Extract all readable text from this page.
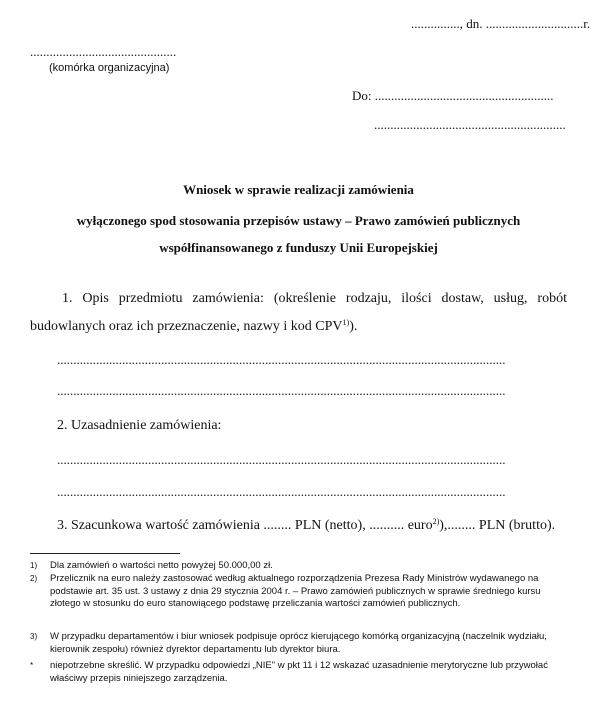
..............., dn. ..............................r.
.............................................
(komórka organizacyjna)
Do: .......................................................
...........................................................
Wniosek w sprawie realizacji zamówienia
wyłączonego spod stosowania przepisów ustawy – Prawo zamówień publicznych
współfinansowanego z funduszy Unii Europejskiej
1. Opis przedmiotu zamówienia: (określenie rodzaju, ilości dostaw, usług, robót
budowlanych oraz ich przeznaczenie, nazwy i kod CPV$^{1)}$).
..........................................................................................................................................
..........................................................................................................................................
2. Uzasadnienie zamówienia:
..........................................................................................................................................
..........................................................................................................................................
3. Szacunkowa wartość zamówienia ........ PLN (netto), .......... euro$^{2)}$),........ PLN (brutto).
1) Dla zamówień o wartości netto powyżej 50.000,00 zł.
2) Przelicznik na euro należy zastosować według aktualnego rozporządzenia Prezesa Rady Ministrów wydawanego na podstawie art. 35 ust. 3 ustawy z dnia 29 stycznia 2004 r. – Prawo zamówień publicznych w sprawie średniego kursu złotego w stosunku do euro stanowiącego podstawę przeliczania wartości zamówień publicznych.
3) W przypadku departamentów i biur wniosek podpisuje oprócz kierującego komórką organizacyjną (naczelnik wydziału, kierownik zespołu) również dyrektor departamentu lub dyrektor biura.
* niepotrzebne skreślić. W przypadku odpowiedzi „NIE" w pkt 11 i 12 wskazać uzasadnienie merytoryczne lub przywołać właściwy przepis niniejszego zarządzenia.
